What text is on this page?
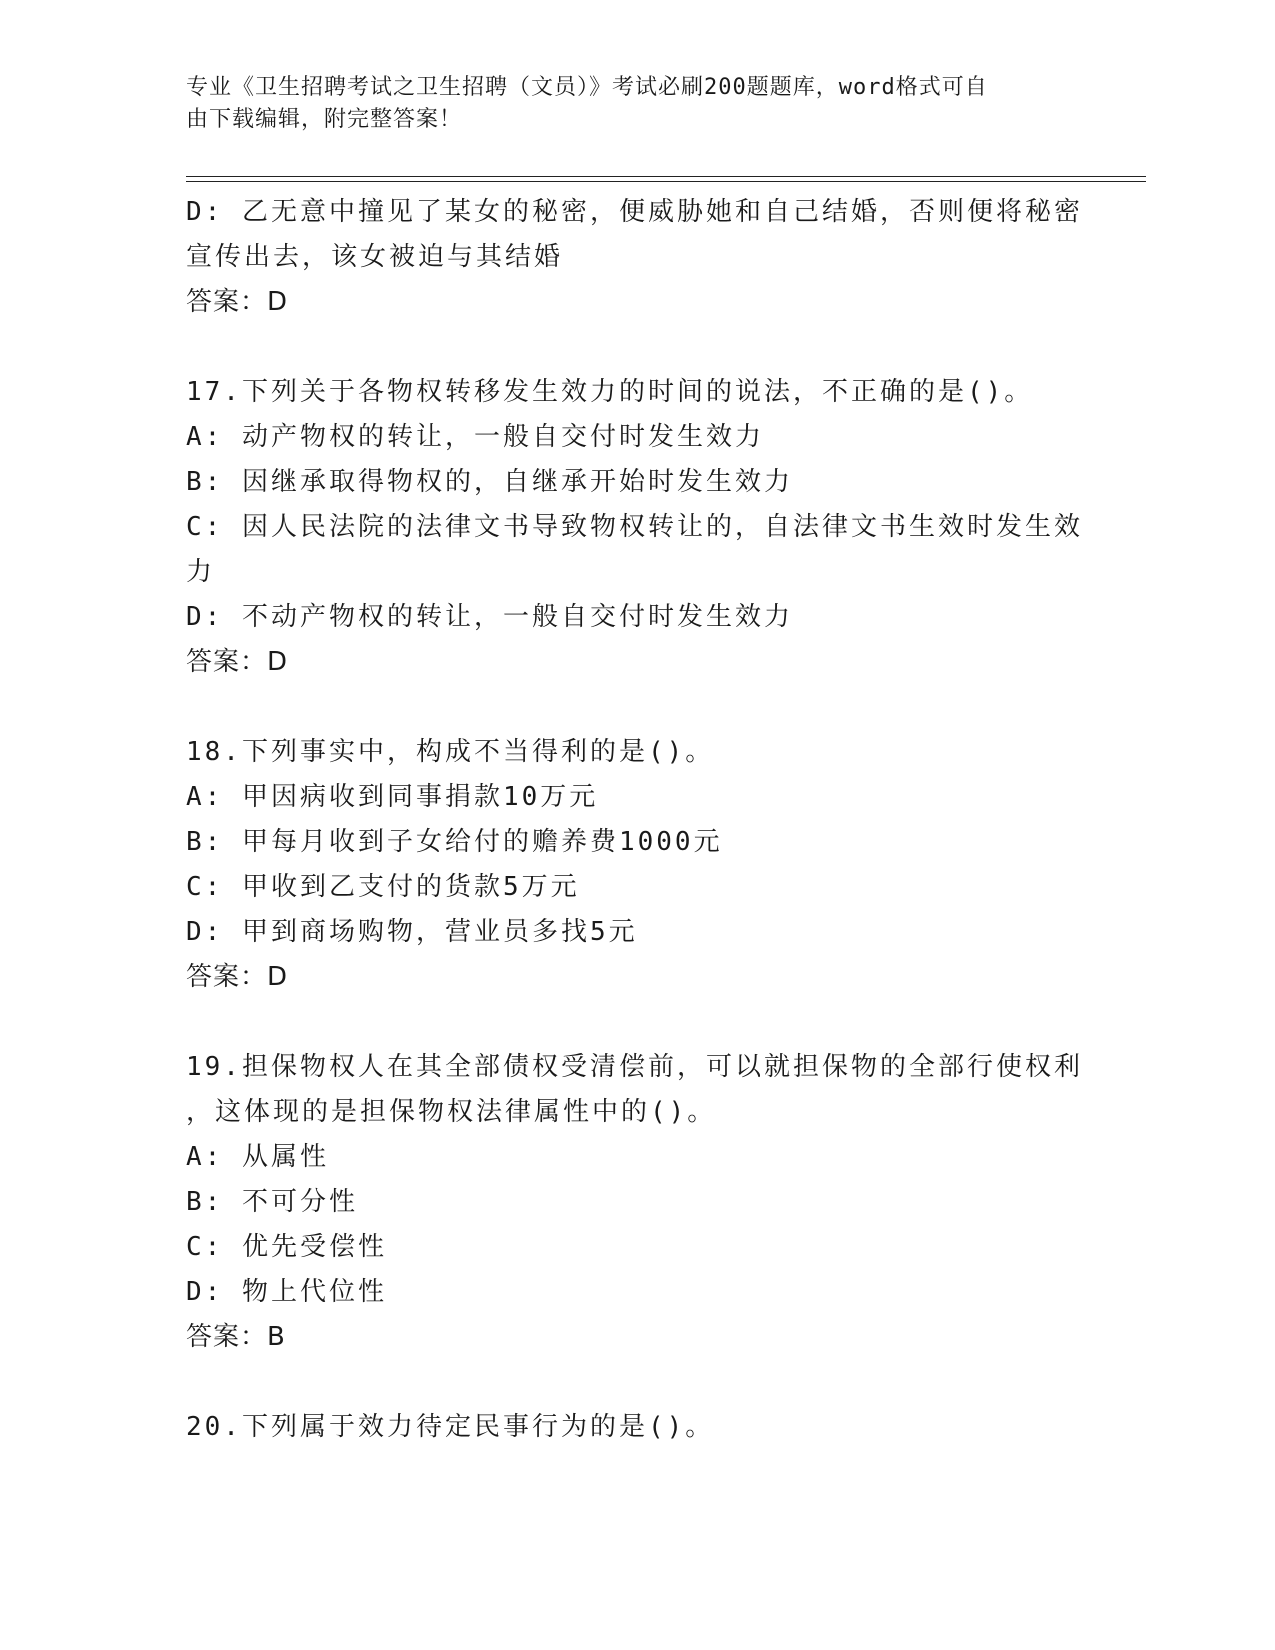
专业《卫生招聘考试之卫生招聘（文员）》考试必刷200题题库，word格式可自
由下载编辑，附完整答案！
D: 乙无意中撞见了某女的秘密，便威胁她和自己结婚，否则便将秘密
宣传出去，该女被迫与其结婚
答案：D
17.下列关于各物权转移发生效力的时间的说法，不正确的是()。
A: 动产物权的转让，一般自交付时发生效力
B: 因继承取得物权的，自继承开始时发生效力
C: 因人民法院的法律文书导致物权转让的，自法律文书生效时发生效
力
D: 不动产物权的转让，一般自交付时发生效力
答案：D
18.下列事实中，构成不当得利的是()。
A: 甲因病收到同事捐款10万元
B: 甲每月收到子女给付的赡养费1000元
C: 甲收到乙支付的货款5万元
D: 甲到商场购物，营业员多找5元
答案：D
19.担保物权人在其全部债权受清偿前，可以就担保物的全部行使权利
，这体现的是担保物权法律属性中的()。
A: 从属性
B: 不可分性
C: 优先受偿性
D: 物上代位性
答案：B
20.下列属于效力待定民事行为的是()。
